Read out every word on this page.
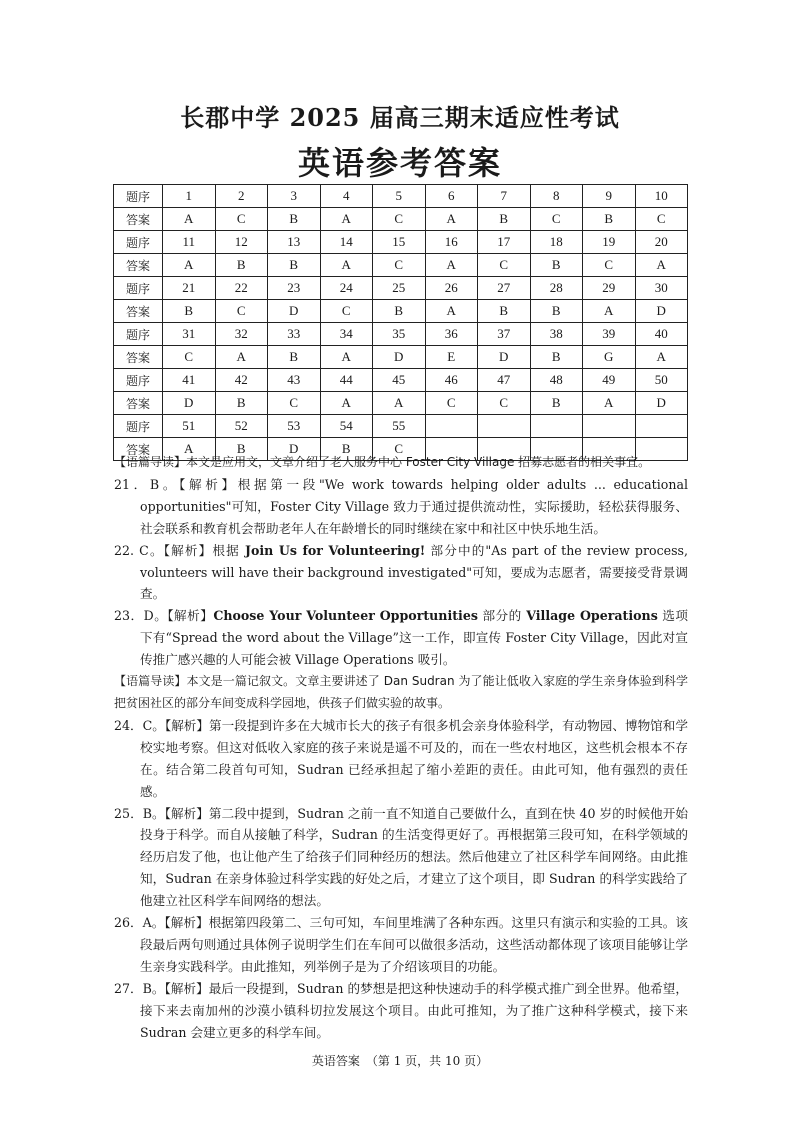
长郡中学 2025 届高三期末适应性考试
英语参考答案
题序	1	2	3	4	5	6	7	8	9	10
答案	A	C	B	A	C	A	B	C	B	C
题序	11	12	13	14	15	16	17	18	19	20
答案	A	B	B	A	C	A	C	B	C	A
题序	21	22	23	24	25	26	27	28	29	30
答案	B	C	D	C	B	A	B	B	A	D
题序	31	32	33	34	35	36	37	38	39	40
答案	C	A	B	A	D	E	D	B	G	A
题序	41	42	43	44	45	46	47	48	49	50
答案	D	B	C	A	A	C	C	B	A	D
题序	51	52	53	54	55					
答案	A	B	D	B	C					

【语篇导读】本文是应用文，文章介绍了老人服务中心 Foster City Village 招募志愿者的相关事宜。

21．B。【解析】根据第一段"We work towards helping older adults ... educational opportunities"可知，Foster City Village 致力于通过提供流动性，实际援助，轻松获得服务、社会联系和教育机会帮助老年人在年龄增长的同时继续在家中和社区中快乐地生活。

22. C。【解析】根据 Join Us for Volunteering! 部分中的"As part of the review process, volunteers will have their background investigated"可知，要成为志愿者，需要接受背景调查。

23．D。【解析】Choose Your Volunteer Opportunities 部分的 Village Operations 选项下有“Spread the word about the Village”这一工作，即宣传 Foster City Village，因此对宣传推广感兴趣的人可能会被 Village Operations 吸引。

【语篇导读】本文是一篇记叙文。文章主要讲述了 Dan Sudran 为了能让低收入家庭的学生亲身体验到科学把贫困社区的部分车间变成科学园地，供孩子们做实验的故事。

24．C。【解析】第一段提到许多在大城市长大的孩子有很多机会亲身体验科学，有动物园、博物馆和学校实地考察。但这对低收入家庭的孩子来说是遥不可及的，而在一些农村地区，这些机会根本不存在。结合第二段首句可知，Sudran 已经承担起了缩小差距的责任。由此可知，他有强烈的责任感。

25．B。【解析】第二段中提到，Sudran 之前一直不知道自己要做什么，直到在快 40 岁的时候他开始投身于科学。而自从接触了科学，Sudran 的生活变得更好了。再根据第三段可知，在科学领域的经历启发了他，也让他产生了给孩子们同种经历的想法。然后他建立了社区科学车间网络。由此推知，Sudran 在亲身体验过科学实践的好处之后，才建立了这个项目，即 Sudran 的科学实践给了他建立社区科学车间网络的想法。

26．A。【解析】根据第四段第二、三句可知，车间里堆满了各种东西。这里只有演示和实验的工具。该段最后两句则通过具体例子说明学生们在车间可以做很多活动，这些活动都体现了该项目能够让学生亲身实践科学。由此推知，列举例子是为了介绍该项目的功能。

27．B。【解析】最后一段提到，Sudran 的梦想是把这种快速动手的科学模式推广到全世界。他希望，接下来去南加州的沙漠小镇科切拉发展这个项目。由此可推知，为了推广这种科学模式，接下来 Sudran 会建立更多的科学车间。

英语答案　（第 1 页，共 10 页）
